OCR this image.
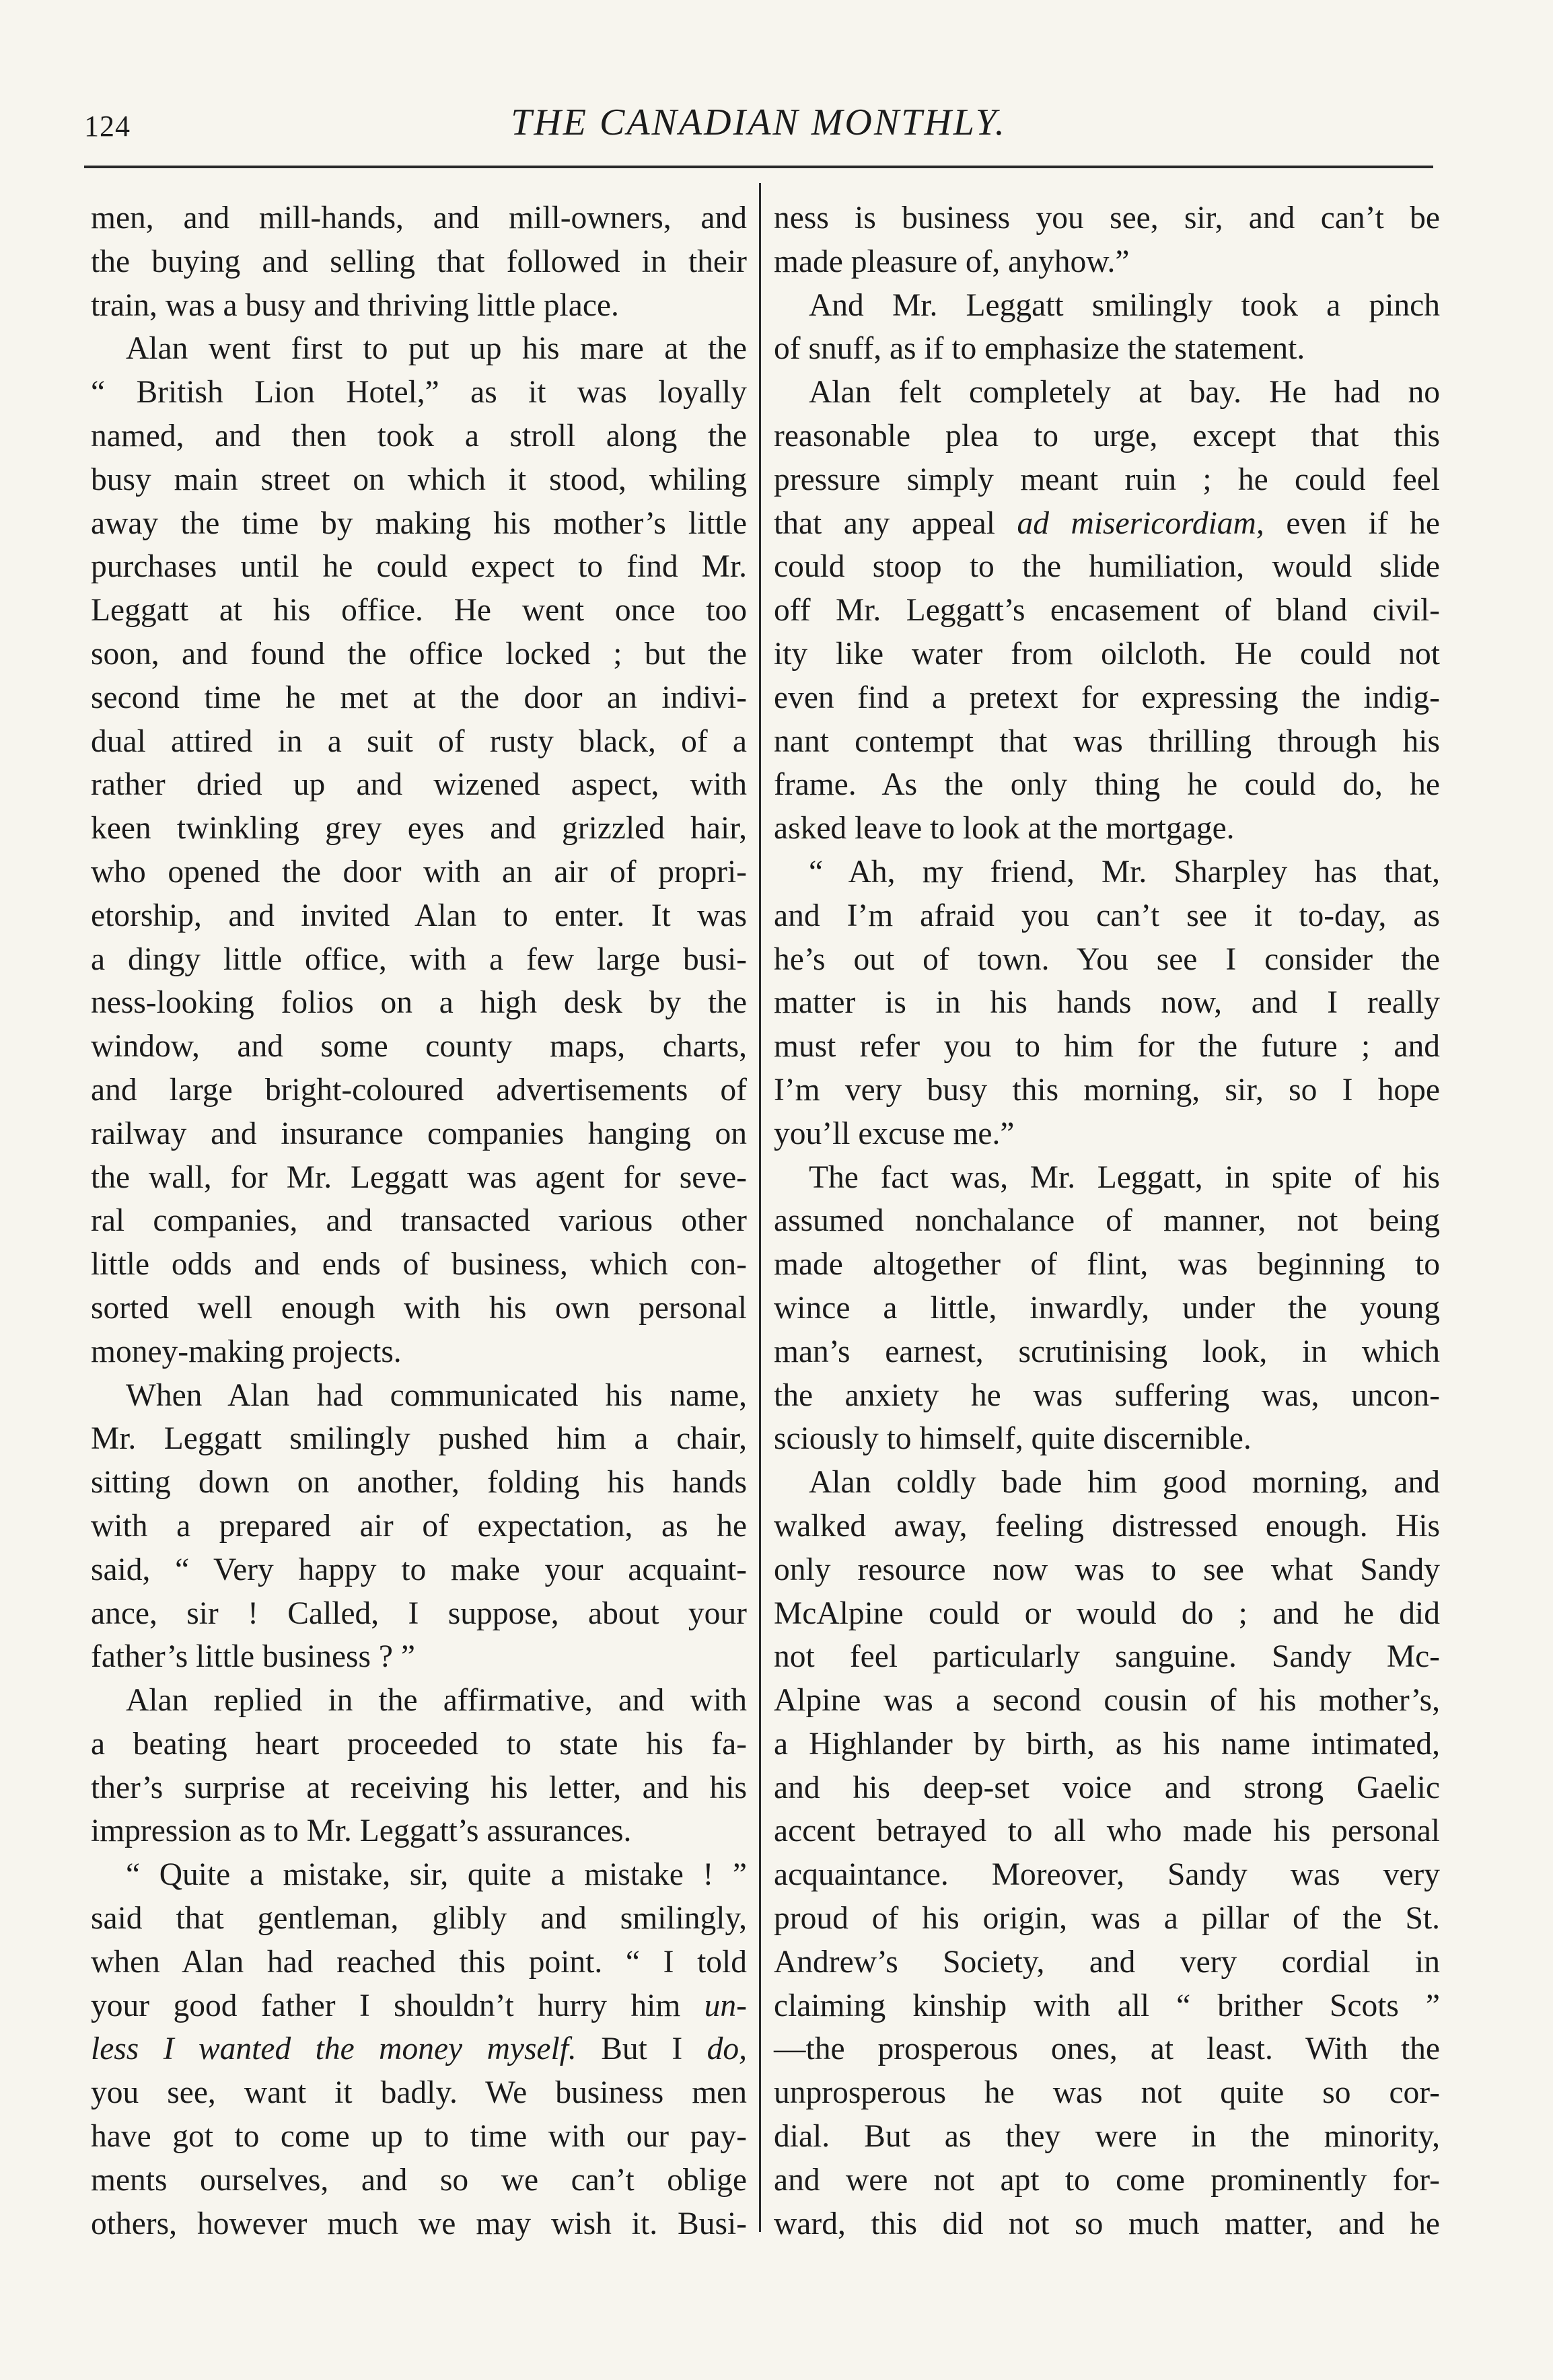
124	THE CANADIAN MONTHLY.
men, and mill-hands, and mill-owners, and
the buying and selling that followed in their
train, was a busy and thriving little place.
Alan went first to put up his mare at the
“ British Lion Hotel,” as it was loyally
named, and then took a stroll along the
busy main street on which it stood, whiling
away the time by making his mother’s little
purchases until he could expect to find Mr.
Leggatt at his office. He went once too
soon, and found the office locked ; but the
second time he met at the door an indivi-
dual attired in a suit of rusty black, of a
rather dried up and wizened aspect, with
keen twinkling grey eyes and grizzled hair,
who opened the door with an air of propri-
etorship, and invited Alan to enter. It was
a dingy little office, with a few large busi-
ness-looking folios on a high desk by the
window, and some county maps, charts,
and large bright-coloured advertisements of
railway and insurance companies hanging on
the wall, for Mr. Leggatt was agent for seve-
ral companies, and transacted various other
little odds and ends of business, which con-
sorted well enough with his own personal
money-making projects.
When Alan had communicated his name,
Mr. Leggatt smilingly pushed him a chair,
sitting down on another, folding his hands
with a prepared air of expectation, as he
said, “ Very happy to make your acquaint-
ance, sir ! Called, I suppose, about your
father’s little business ? ”
Alan replied in the affirmative, and with
a beating heart proceeded to state his fa-
ther’s surprise at receiving his letter, and his
impression as to Mr. Leggatt’s assurances.
“ Quite a mistake, sir, quite a mistake ! ”
said that gentleman, glibly and smilingly,
when Alan had reached this point. “ I told
your good father I shouldn’t hurry him un-
less I wanted the money myself. But I do,
you see, want it badly. We business men
have got to come up to time with our pay-
ments ourselves, and so we can’t oblige
others, however much we may wish it. Busi-
ness is business you see, sir, and can’t be
made pleasure of, anyhow.”
And Mr. Leggatt smilingly took a pinch
of snuff, as if to emphasize the statement.
Alan felt completely at bay. He had no
reasonable plea to urge, except that this
pressure simply meant ruin ; he could feel
that any appeal ad misericordiam, even if he
could stoop to the humiliation, would slide
off Mr. Leggatt’s encasement of bland civil-
ity like water from oilcloth. He could not
even find a pretext for expressing the indig-
nant contempt that was thrilling through his
frame. As the only thing he could do, he
asked leave to look at the mortgage.
“ Ah, my friend, Mr. Sharpley has that,
and I’m afraid you can’t see it to-day, as
he’s out of town. You see I consider the
matter is in his hands now, and I really
must refer you to him for the future ; and
I’m very busy this morning, sir, so I hope
you’ll excuse me.”
The fact was, Mr. Leggatt, in spite of his
assumed nonchalance of manner, not being
made altogether of flint, was beginning to
wince a little, inwardly, under the young
man’s earnest, scrutinising look, in which
the anxiety he was suffering was, uncon-
sciously to himself, quite discernible.
Alan coldly bade him good morning, and
walked away, feeling distressed enough. His
only resource now was to see what Sandy
McAlpine could or would do ; and he did
not feel particularly sanguine. Sandy Mc-
Alpine was a second cousin of his mother’s,
a Highlander by birth, as his name intimated,
and his deep-set voice and strong Gaelic
accent betrayed to all who made his personal
acquaintance. Moreover, Sandy was very
proud of his origin, was a pillar of the St.
Andrew’s Society, and very cordial in
claiming kinship with all “ brither Scots ”
—the prosperous ones, at least. With the
unprosperous he was not quite so cor-
dial. But as they were in the minority,
and were not apt to come prominently for-
ward, this did not so much matter, and he
